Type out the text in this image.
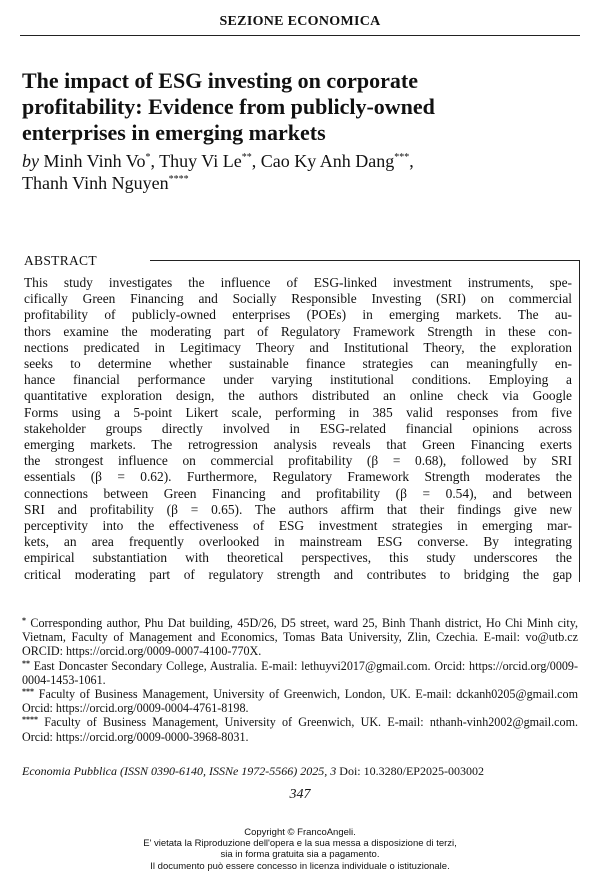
SEZIONE ECONOMICA
The impact of ESG investing on corporate
profitability: Evidence from publicly-owned
enterprises in emerging markets
by Minh Vinh Vo*, Thuy Vi Le**, Cao Ky Anh Dang***,
Thanh Vinh Nguyen****
ABSTRACT
This study investigates the influence of ESG-linked investment instruments, spe-
cifically Green Financing and Socially Responsible Investing (SRI) on commercial
profitability of publicly-owned enterprises (POEs) in emerging markets. The au-
thors examine the moderating part of Regulatory Framework Strength in these con-
nections predicated in Legitimacy Theory and Institutional Theory, the exploration
seeks to determine whether sustainable finance strategies can meaningfully en-
hance financial performance under varying institutional conditions. Employing a
quantitative exploration design, the authors distributed an online check via Google
Forms using a 5-point Likert scale, performing in 385 valid responses from five
stakeholder groups directly involved in ESG-related financial opinions across
emerging markets. The retrogression analysis reveals that Green Financing exerts
the strongest influence on commercial profitability (β = 0.68), followed by SRI
essentials (β = 0.62). Furthermore, Regulatory Framework Strength moderates the
connections between Green Financing and profitability (β = 0.54), and between
SRI and profitability (β = 0.65). The authors affirm that their findings give new
perceptivity into the effectiveness of ESG investment strategies in emerging mar-
kets, an area frequently overlooked in mainstream ESG converse. By integrating
empirical substantiation with theoretical perspectives, this study underscores the
critical moderating part of regulatory strength and contributes to bridging the gap

* Corresponding author, Phu Dat building, 45D/26, D5 street, ward 25, Binh Thanh district, Ho Chi Minh city, Vietnam, Faculty of Management and Economics, Tomas Bata University, Zlin, Czechia. E-mail: vo@utb.cz ORCID: https://orcid.org/0009-0007-4100-770X.

** East Doncaster Secondary College, Australia. E-mail: lethuyvi2017@gmail.com. Orcid: https://orcid.org/0009-0004-1453-1061.

*** Faculty of Business Management, University of Greenwich, London, UK. E-mail: dckanh0205@gmail.com Orcid: https://orcid.org/0009-0004-4761-8198.

**** Faculty of Business Management, University of Greenwich, UK. E-mail: nthanh-vinh2002@gmail.com. Orcid: https://orcid.org/0009-0000-3968-8031.

Economia Pubblica (ISSN 0390-6140, ISSNe 1972-5566) 2025, 3 Doi: 10.3280/EP2025-003002
347
Copyright © FrancoAngeli.
E' vietata la Riproduzione dell'opera e la sua messa a disposizione di terzi,
sia in forma gratuita sia a pagamento.
Il documento può essere concesso in licenza individuale o istituzionale.
